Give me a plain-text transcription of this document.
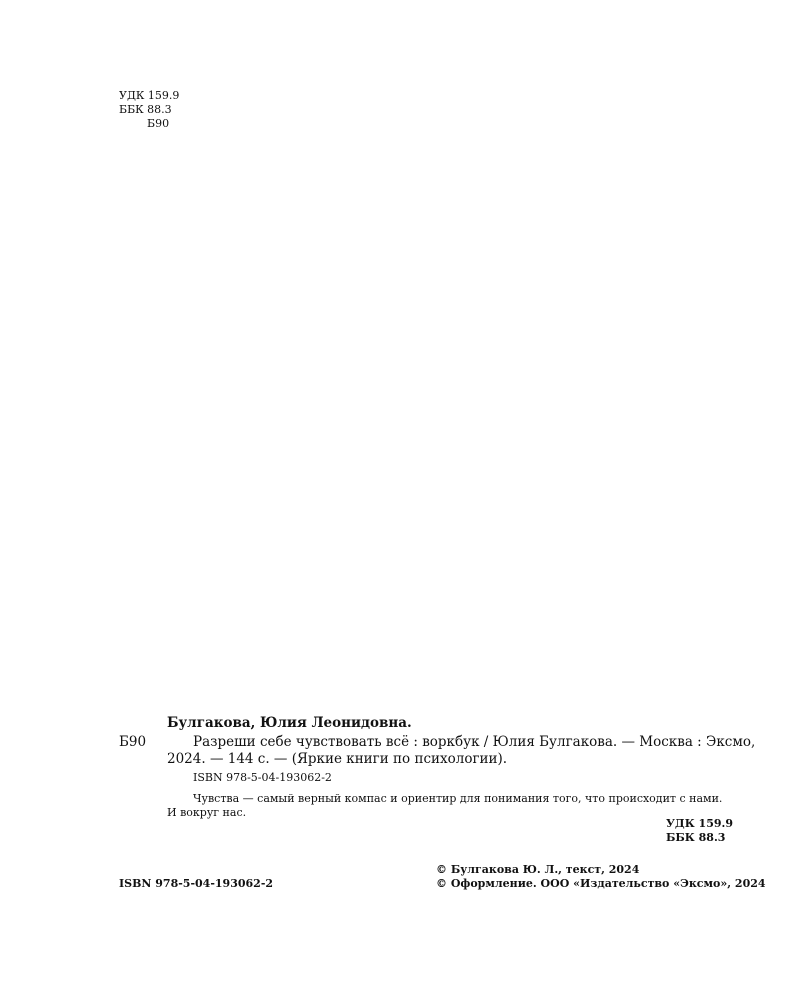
УДК 159.9
ББК 88.3
Б90
Булгакова, Юлия Леонидовна.
Б90	Разреши себе чувствовать всё : воркбук / Юлия Булгакова. — Москва : Эксмо,
2024. — 144 с. — (Яркие книги по психологии).
ISBN 978-5-04-193062-2
Чувства — самый верный компас и ориентир для понимания того, что происходит с нами.
И вокруг нас.
УДК 159.9
ББК 88.3
ISBN 978-5-04-193062-2
© Булгакова Ю. Л., текст, 2024
© Оформление. ООО «Издательство «Эксмо», 2024
